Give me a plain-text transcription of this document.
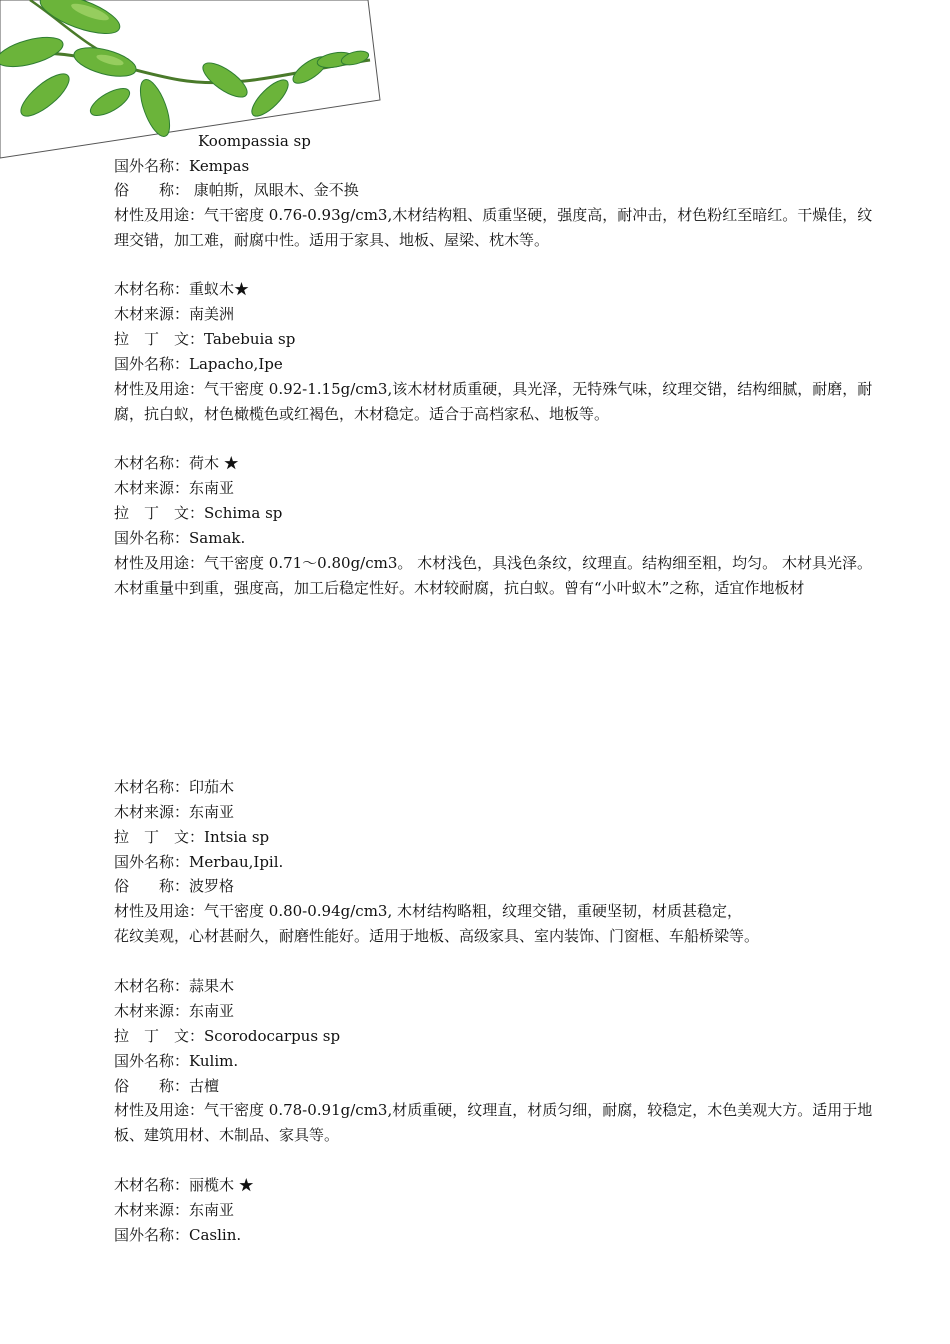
Koompassia sp
国外名称：Kempas
俗　　称： 康帕斯，凤眼木、金不换
材性及用途：气干密度 0.76-0.93g/cm3,木材结构粗、质重坚硬，强度高，耐冲击，材色粉红至暗红。干燥佳，纹理交错，加工难，耐腐中性。适用于家具、地板、屋梁、枕木等。
木材名称：重蚁木★
木材来源：南美洲
拉　丁　文：Tabebuia sp
国外名称：Lapacho,Ipe
材性及用途：气干密度 0.92-1.15g/cm3,该木材材质重硬，具光泽，无特殊气味，纹理交错，结构细腻，耐磨，耐腐，抗白蚁，材色橄榄色或红褐色，木材稳定。适合于高档家私、地板等。
木材名称：荷木 ★
木材来源：东南亚
拉　丁　文：Schima sp
国外名称：Samak.
材性及用途：气干密度 0.71～0.80g/cm3。 木材浅色，具浅色条纹，纹理直。结构细至粗，均匀。 木材具光泽。木材重量中到重，强度高，加工后稳定性好。木材较耐腐，抗白蚁。曾有“小叶蚁木”之称，适宜作地板材
木材名称：印茄木
木材来源：东南亚
拉　丁　文：Intsia sp
国外名称：Merbau,Ipil.
俗　　称：波罗格
材性及用途：气干密度 0.80-0.94g/cm3, 木材结构略粗，纹理交错，重硬坚韧，材质甚稳定，
花纹美观，心材甚耐久，耐磨性能好。适用于地板、高级家具、室内装饰、门窗框、车船桥梁等。
木材名称：蒜果木
木材来源：东南亚
拉　丁　文：Scorodocarpus sp
国外名称：Kulim.
俗　　称：古檀
材性及用途：气干密度 0.78-0.91g/cm3,材质重硬，纹理直，材质匀细，耐腐，较稳定，木色美观大方。适用于地板、建筑用材、木制品、家具等。
木材名称：丽榄木 ★
木材来源：东南亚
国外名称：Caslin.
